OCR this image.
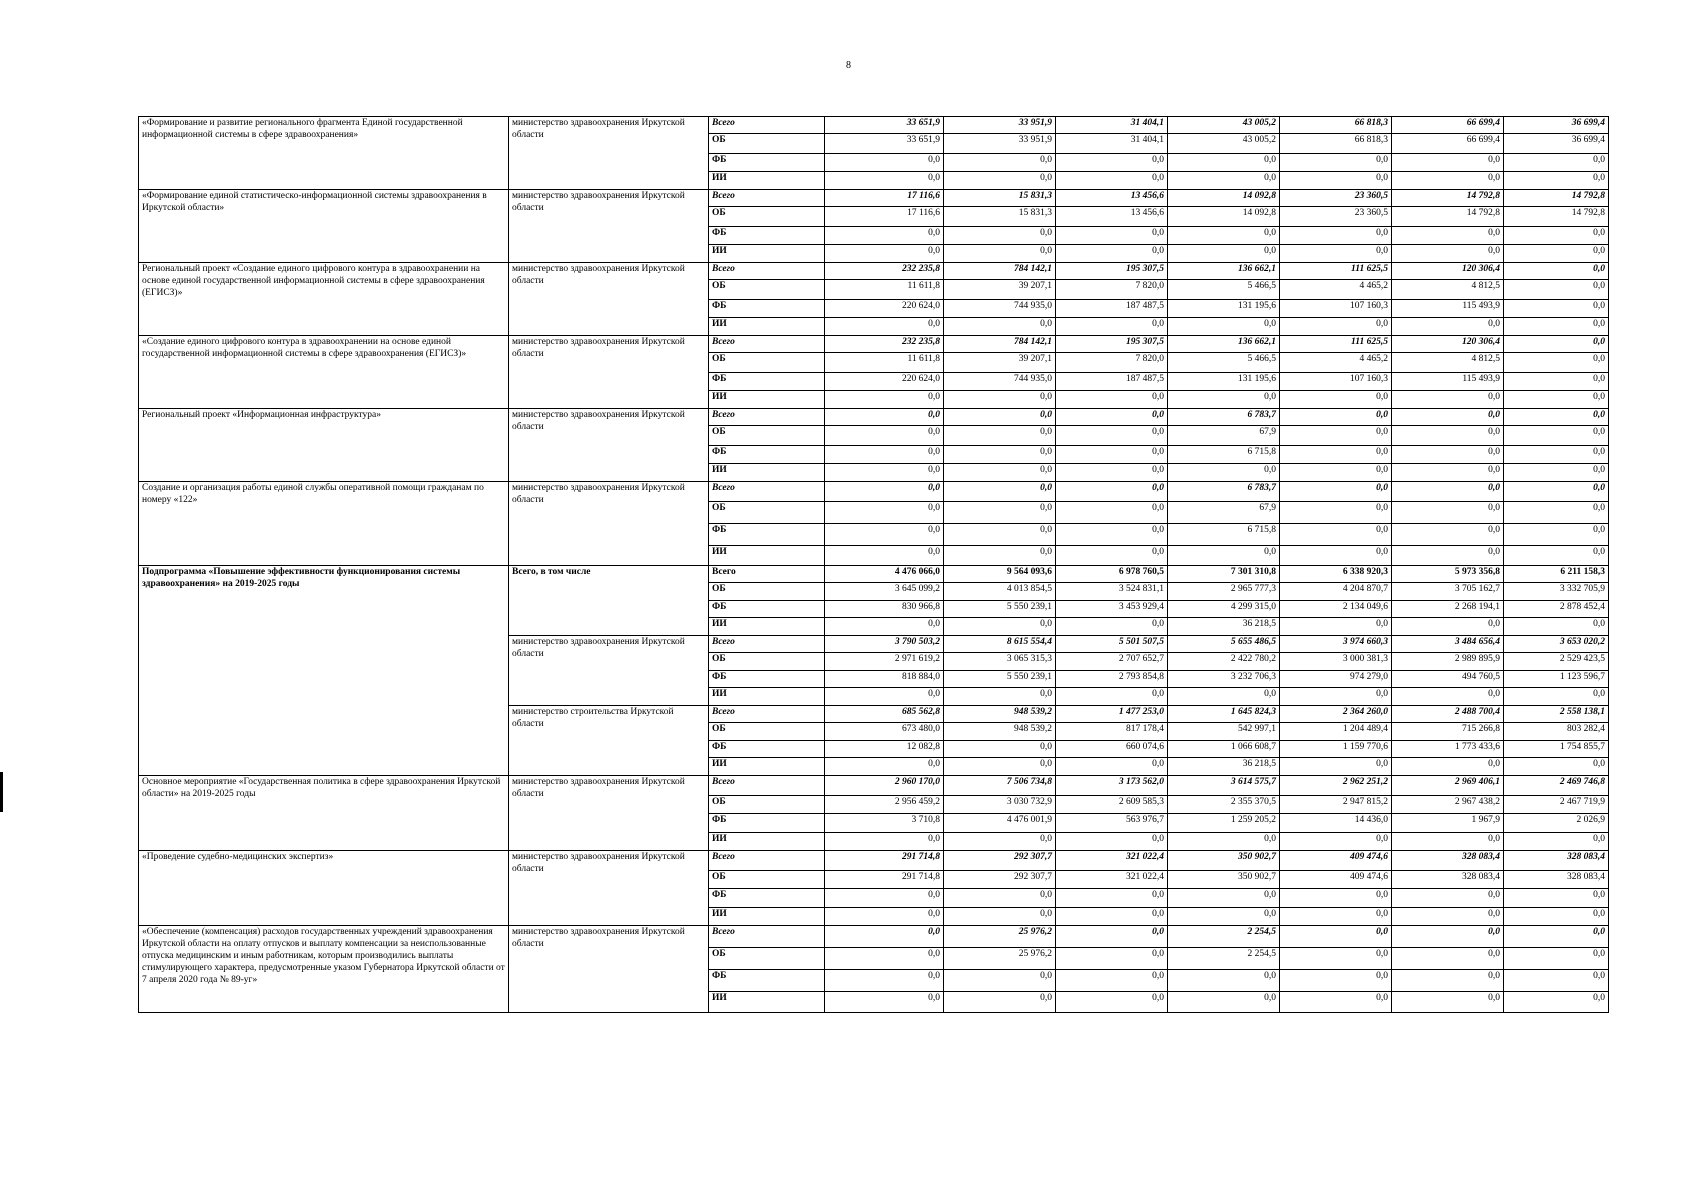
8
«Формирование и развитие регионального фрагмента Единой государственной информационной системы в сфере здравоохранения»	министерство здравоохранения Иркутской области	Всего	33 651,9	33 951,9	31 404,1	43 005,2	66 818,3	66 699,4	36 699,4
		ОБ	33 651,9	33 951,9	31 404,1	43 005,2	66 818,3	66 699,4	36 699,4
		ФБ	0,0	0,0	0,0	0,0	0,0	0,0	0,0
		ИИ	0,0	0,0	0,0	0,0	0,0	0,0	0,0
«Формирование единой статистическо-информационной системы здравоохранения в Иркутской области»	министерство здравоохранения Иркутской области	Всего	17 116,6	15 831,3	13 456,6	14 092,8	23 360,5	14 792,8	14 792,8
		ОБ	17 116,6	15 831,3	13 456,6	14 092,8	23 360,5	14 792,8	14 792,8
		ФБ	0,0	0,0	0,0	0,0	0,0	0,0	0,0
		ИИ	0,0	0,0	0,0	0,0	0,0	0,0	0,0
Региональный проект «Создание единого цифрового контура в здравоохранении на основе единой государственной информационной системы в сфере здравоохранения (ЕГИСЗ)»	министерство здравоохранения Иркутской области	Всего	232 235,8	784 142,1	195 307,5	136 662,1	111 625,5	120 306,4	0,0
		ОБ	11 611,8	39 207,1	7 820,0	5 466,5	4 465,2	4 812,5	0,0
		ФБ	220 624,0	744 935,0	187 487,5	131 195,6	107 160,3	115 493,9	0,0
		ИИ	0,0	0,0	0,0	0,0	0,0	0,0	0,0
«Создание единого цифрового контура в здравоохранении на основе единой государственной информационной системы в сфере здравоохранения (ЕГИСЗ)»	министерство здравоохранения Иркутской области	Всего	232 235,8	784 142,1	195 307,5	136 662,1	111 625,5	120 306,4	0,0
		ОБ	11 611,8	39 207,1	7 820,0	5 466,5	4 465,2	4 812,5	0,0
		ФБ	220 624,0	744 935,0	187 487,5	131 195,6	107 160,3	115 493,9	0,0
		ИИ	0,0	0,0	0,0	0,0	0,0	0,0	0,0
Региональный проект «Информационная инфраструктура»	министерство здравоохранения Иркутской области	Всего	0,0	0,0	0,0	6 783,7	0,0	0,0	0,0
		ОБ	0,0	0,0	0,0	67,9	0,0	0,0	0,0
		ФБ	0,0	0,0	0,0	6 715,8	0,0	0,0	0,0
		ИИ	0,0	0,0	0,0	0,0	0,0	0,0	0,0
Создание и организация работы единой службы оперативной помощи гражданам по номеру «122»	министерство здравоохранения Иркутской области	Всего	0,0	0,0	0,0	6 783,7	0,0	0,0	0,0
		ОБ	0,0	0,0	0,0	67,9	0,0	0,0	0,0
		ФБ	0,0	0,0	0,0	6 715,8	0,0	0,0	0,0
		ИИ	0,0	0,0	0,0	0,0	0,0	0,0	0,0
Подпрограмма «Повышение эффективности функционирования системы здравоохранения» на 2019-2025 годы	Всего, в том числе	Всего	4 476 066,0	9 564 093,6	6 978 760,5	7 301 310,8	6 338 920,3	5 973 356,8	6 211 158,3
		ОБ	3 645 099,2	4 013 854,5	3 524 831,1	2 965 777,3	4 204 870,7	3 705 162,7	3 332 705,9
		ФБ	830 966,8	5 550 239,1	3 453 929,4	4 299 315,0	2 134 049,6	2 268 194,1	2 878 452,4
		ИИ	0,0	0,0	0,0	36 218,5	0,0	0,0	0,0
	министерство здравоохранения Иркутской области	Всего	3 790 503,2	8 615 554,4	5 501 507,5	5 655 486,5	3 974 660,3	3 484 656,4	3 653 020,2
		ОБ	2 971 619,2	3 065 315,3	2 707 652,7	2 422 780,2	3 000 381,3	2 989 895,9	2 529 423,5
		ФБ	818 884,0	5 550 239,1	2 793 854,8	3 232 706,3	974 279,0	494 760,5	1 123 596,7
		ИИ	0,0	0,0	0,0	0,0	0,0	0,0	0,0
	министерство строительства Иркутской области	Всего	685 562,8	948 539,2	1 477 253,0	1 645 824,3	2 364 260,0	2 488 700,4	2 558 138,1
		ОБ	673 480,0	948 539,2	817 178,4	542 997,1	1 204 489,4	715 266,8	803 282,4
		ФБ	12 082,8	0,0	660 074,6	1 066 608,7	1 159 770,6	1 773 433,6	1 754 855,7
		ИИ	0,0	0,0	0,0	36 218,5	0,0	0,0	0,0
Основное мероприятие «Государственная политика в сфере здравоохранения Иркутской области» на 2019-2025 годы	министерство здравоохранения Иркутской области	Всего	2 960 170,0	7 506 734,8	3 173 562,0	3 614 575,7	2 962 251,2	2 969 406,1	2 469 746,8
		ОБ	2 956 459,2	3 030 732,9	2 609 585,3	2 355 370,5	2 947 815,2	2 967 438,2	2 467 719,9
		ФБ	3 710,8	4 476 001,9	563 976,7	1 259 205,2	14 436,0	1 967,9	2 026,9
		ИИ	0,0	0,0	0,0	0,0	0,0	0,0	0,0
«Проведение судебно-медицинских экспертиз»	министерство здравоохранения Иркутской области	Всего	291 714,8	292 307,7	321 022,4	350 902,7	409 474,6	328 083,4	328 083,4
		ОБ	291 714,8	292 307,7	321 022,4	350 902,7	409 474,6	328 083,4	328 083,4
		ФБ	0,0	0,0	0,0	0,0	0,0	0,0	0,0
		ИИ	0,0	0,0	0,0	0,0	0,0	0,0	0,0
«Обеспечение (компенсация) расходов государственных учреждений здравоохранения Иркутской области на оплату отпусков и выплату компенсации за неиспользованные отпуска медицинским и иным работникам, которым производились выплаты стимулирующего характера, предусмотренные указом Губернатора Иркутской области от 7 апреля 2020 года № 89-уг»	министерство здравоохранения Иркутской области	Всего	0,0	25 976,2	0,0	2 254,5	0,0	0,0	0,0
		ОБ	0,0	25 976,2	0,0	2 254,5	0,0	0,0	0,0
		ФБ	0,0	0,0	0,0	0,0	0,0	0,0	0,0
		ИИ	0,0	0,0	0,0	0,0	0,0	0,0	0,0
